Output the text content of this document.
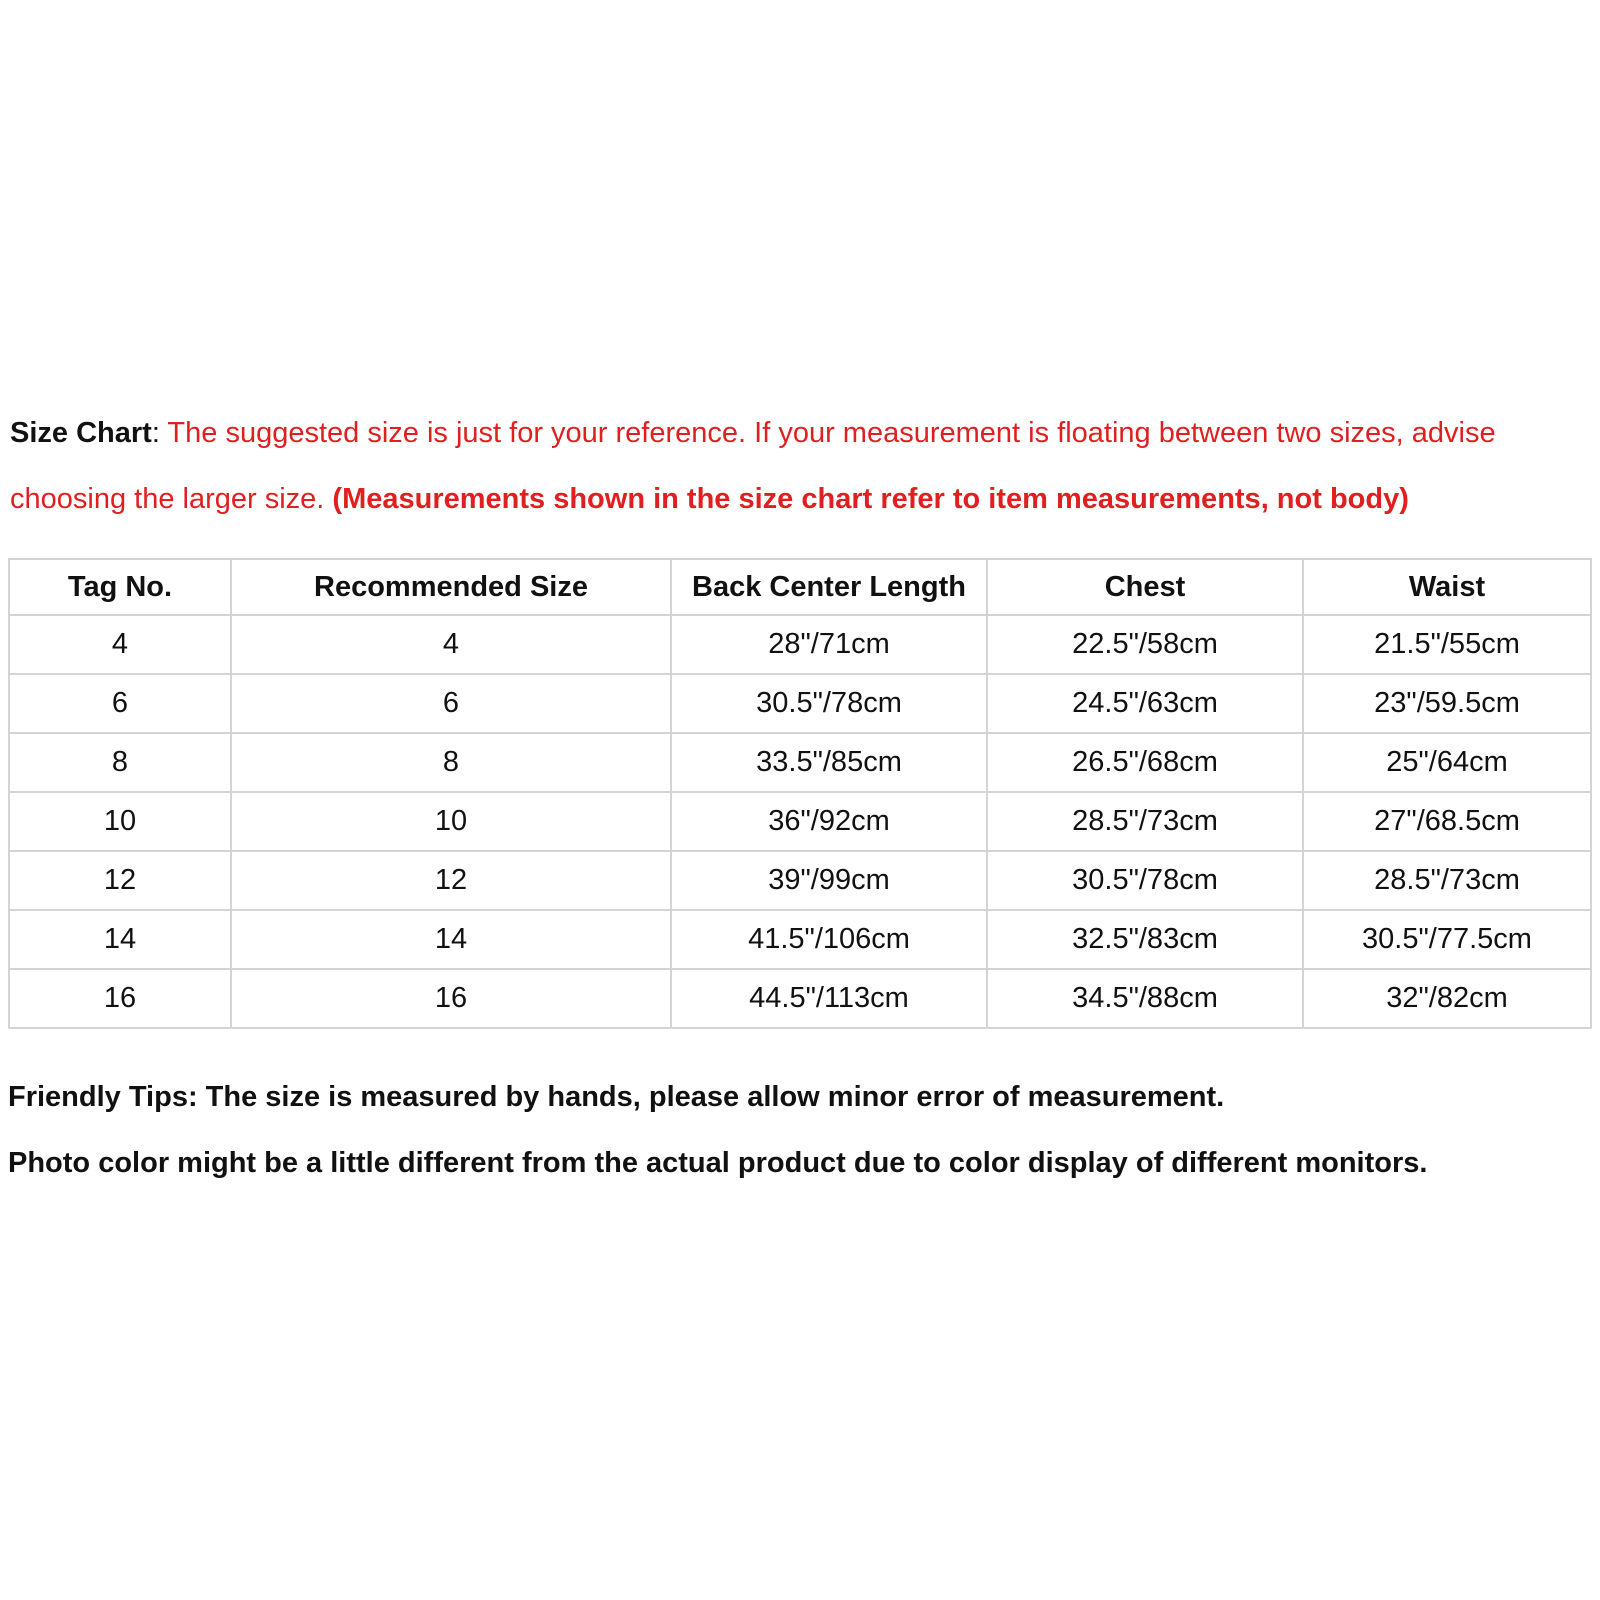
Size Chart: The suggested size is just for your reference. If your measurement is floating between two sizes, advise choosing the larger size. (Measurements shown in the size chart refer to item measurements, not body)
Tag No.	Recommended Size	Back Center Length	Chest	Waist
4	4	28"/71cm	22.5"/58cm	21.5"/55cm
6	6	30.5"/78cm	24.5"/63cm	23"/59.5cm
8	8	33.5"/85cm	26.5"/68cm	25"/64cm
10	10	36"/92cm	28.5"/73cm	27"/68.5cm
12	12	39"/99cm	30.5"/78cm	28.5"/73cm
14	14	41.5"/106cm	32.5"/83cm	30.5"/77.5cm
16	16	44.5"/113cm	34.5"/88cm	32"/82cm

Friendly Tips: The size is measured by hands, please allow minor error of measurement.

Photo color might be a little different from the actual product due to color display of different monitors.
